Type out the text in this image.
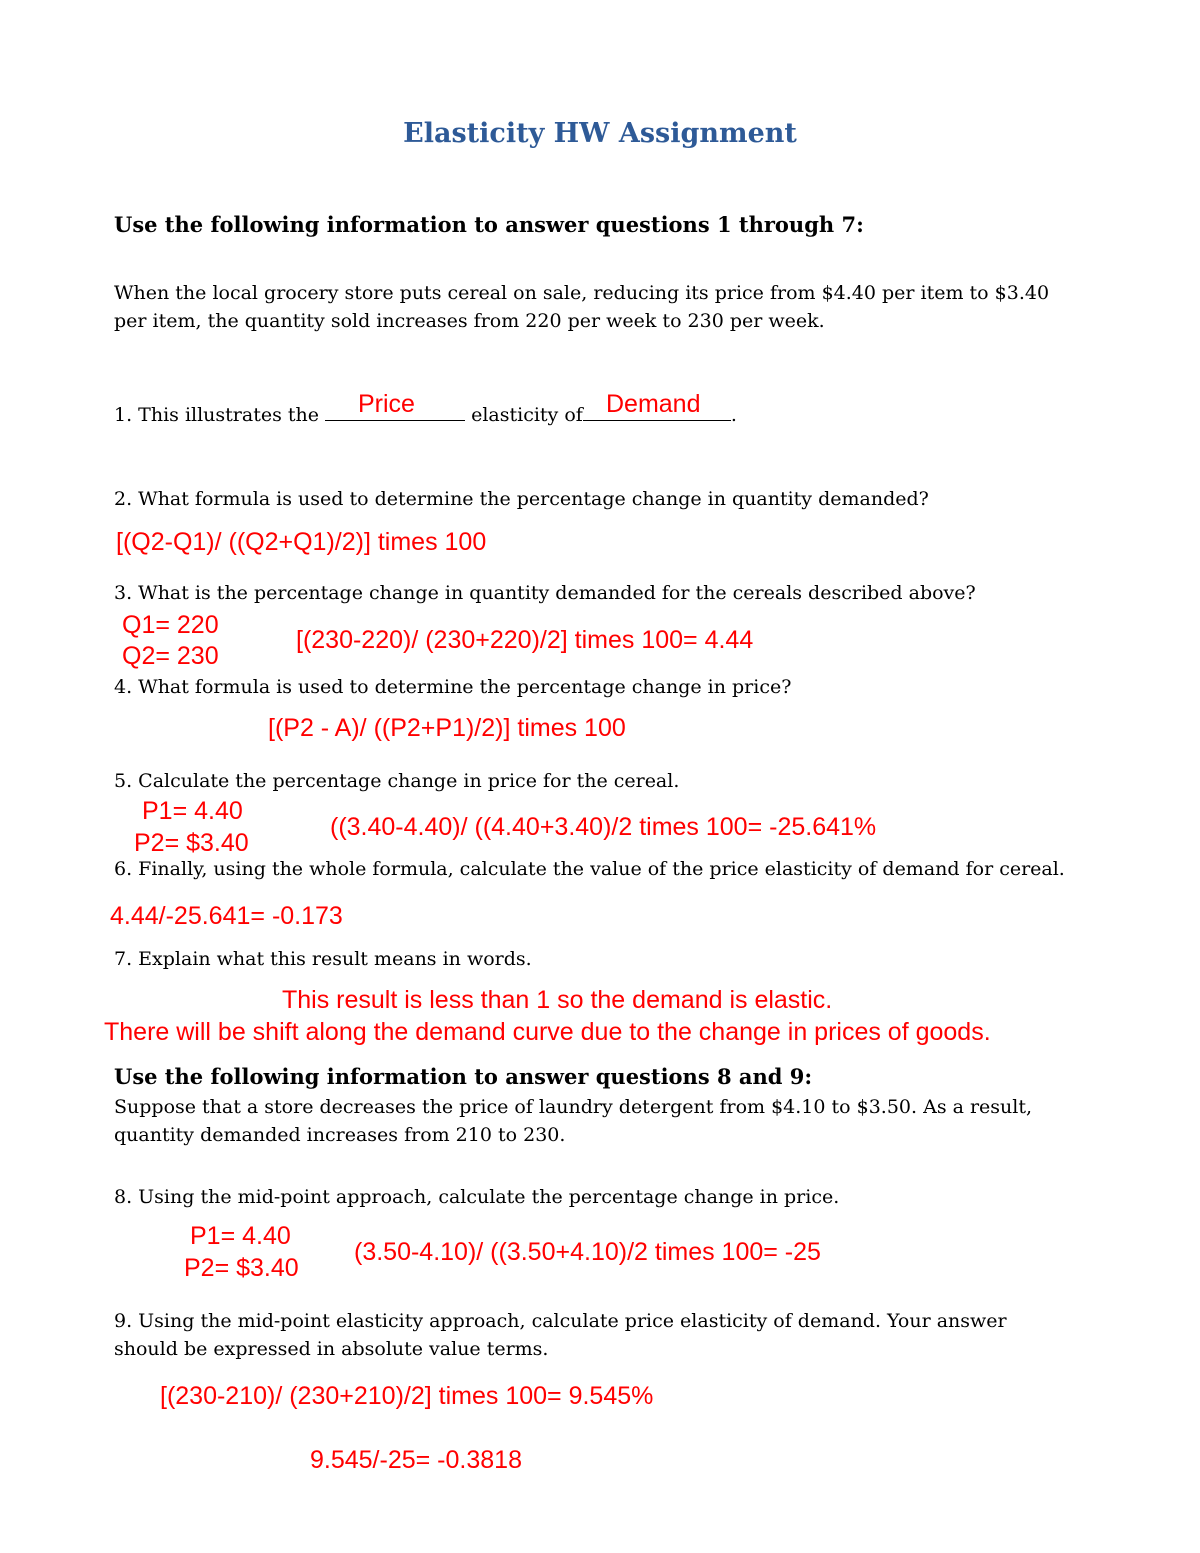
Elasticity HW Assignment
Use the following information to answer questions 1 through 7:
When the local grocery store puts cereal on sale, reducing its price from $4.40 per item to $3.40
per item, the quantity sold increases from 220 per week to 230 per week.
1. This illustrates the	elasticity of	.
Price	Demand
2. What formula is used to determine the percentage change in quantity demanded?
[(Q2-Q1)/ ((Q2+Q1)/2)] times 100
3. What is the percentage change in quantity demanded for the cereals described above?
Q1= 220
Q2= 230
[(230-220)/ (230+220)/2] times 100= 4.44
4. What formula is used to determine the percentage change in price?
[(P2 - A)/ ((P2+P1)/2)] times 100
5. Calculate the percentage change in price for the cereal.
P1= 4.40
P2= $3.40
((3.40-4.40)/ ((4.40+3.40)/2 times 100= -25.641%
6. Finally, using the whole formula, calculate the value of the price elasticity of demand for cereal.
4.44/-25.641= -0.173
7. Explain what this result means in words.
This result is less than 1 so the demand is elastic.
There will be shift along the demand curve due to the change in prices of goods.
Use the following information to answer questions 8 and 9:
Suppose that a store decreases the price of laundry detergent from $4.10 to $3.50. As a result,
quantity demanded increases from 210 to 230.
8. Using the mid-point approach, calculate the percentage change in price.
P1= 4.40
P2= $3.40
(3.50-4.10)/ ((3.50+4.10)/2 times 100= -25
9. Using the mid-point elasticity approach, calculate price elasticity of demand. Your answer
should be expressed in absolute value terms.
[(230-210)/ (230+210)/2] times 100= 9.545%
9.545/-25= -0.3818
